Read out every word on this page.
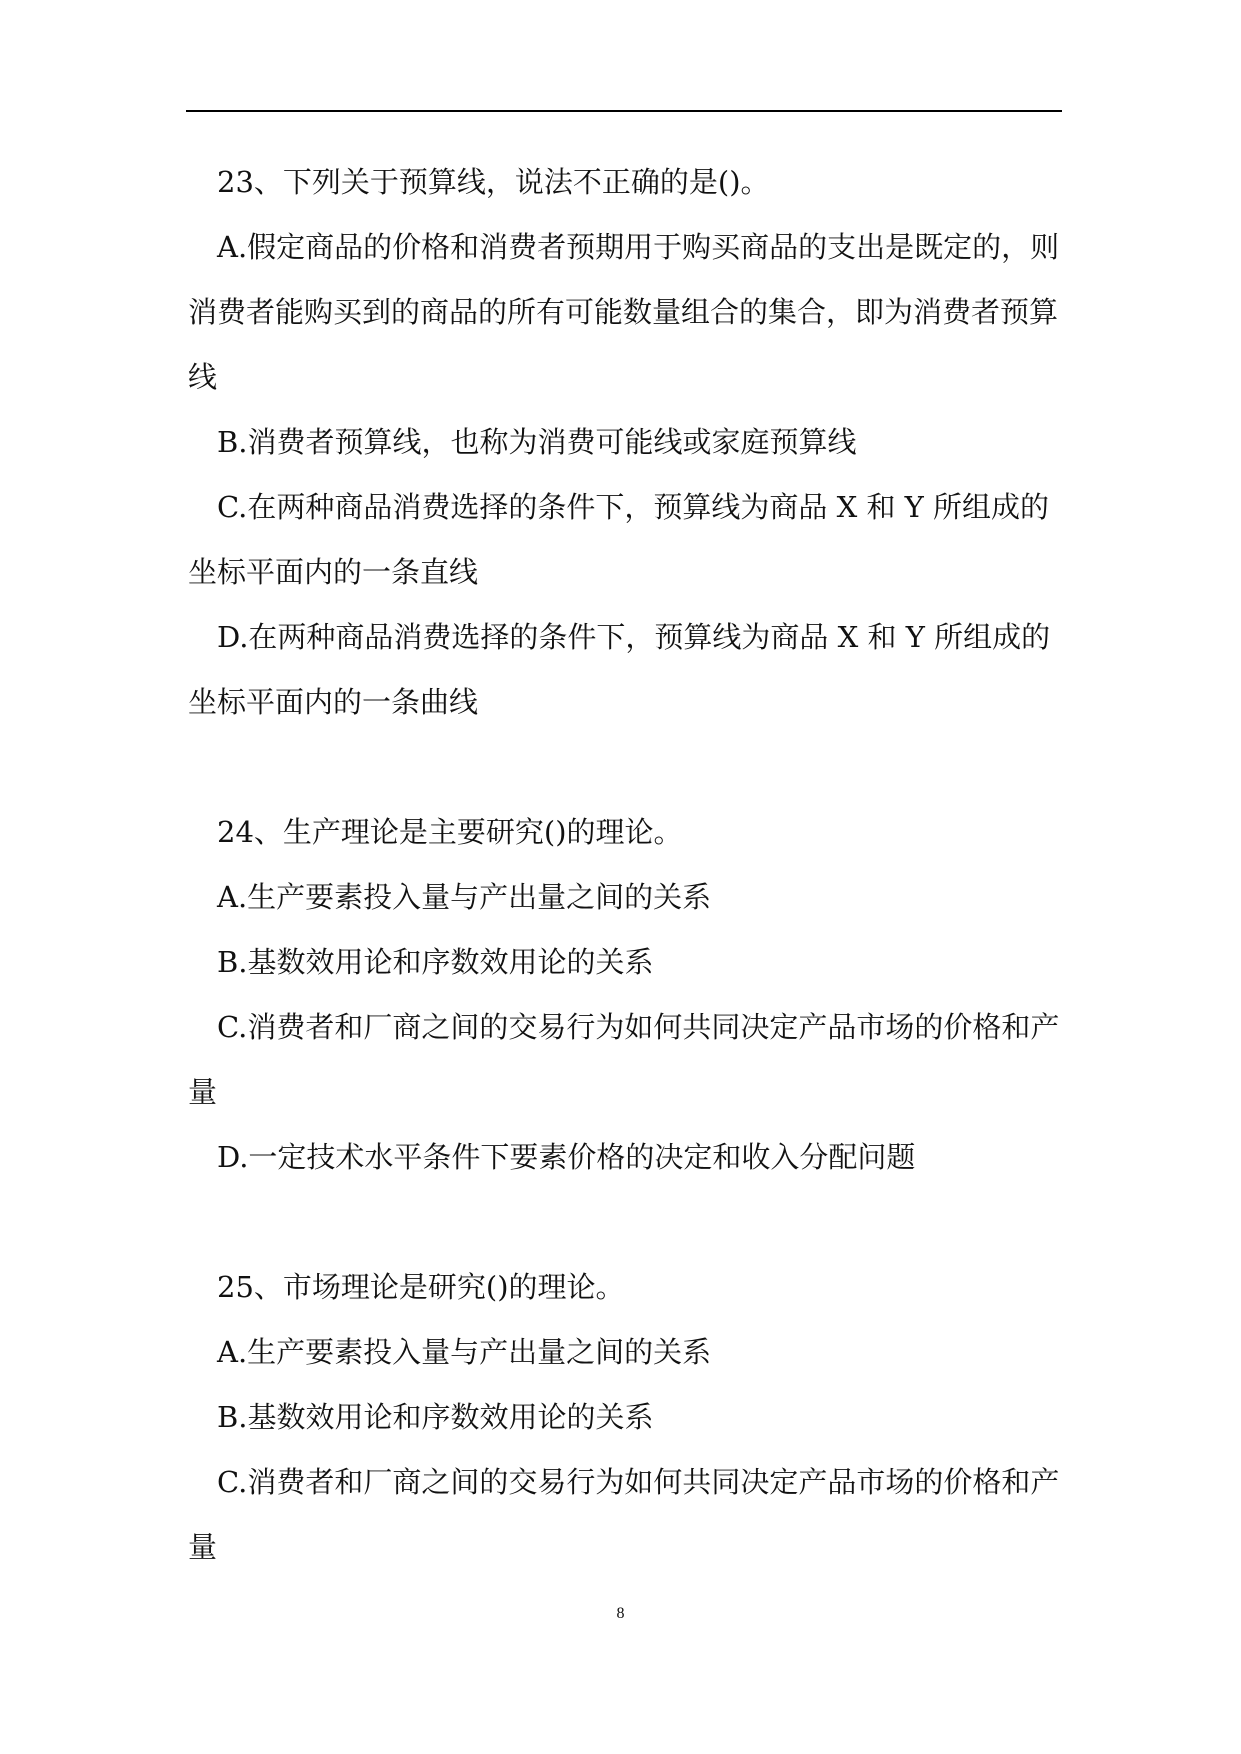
23、下列关于预算线，说法不正确的是()。

A.假定商品的价格和消费者预期用于购买商品的支出是既定的，则消费者能购买到的商品的所有可能数量组合的集合，即为消费者预算线

B.消费者预算线，也称为消费可能线或家庭预算线

C.在两种商品消费选择的条件下，预算线为商品 X 和 Y 所组成的坐标平面内的一条直线

D.在两种商品消费选择的条件下，预算线为商品 X 和 Y 所组成的坐标平面内的一条曲线

24、生产理论是主要研究()的理论。

A.生产要素投入量与产出量之间的关系

B.基数效用论和序数效用论的关系

C.消费者和厂商之间的交易行为如何共同决定产品市场的价格和产量

D.一定技术水平条件下要素价格的决定和收入分配问题

25、市场理论是研究()的理论。

A.生产要素投入量与产出量之间的关系

B.基数效用论和序数效用论的关系

C.消费者和厂商之间的交易行为如何共同决定产品市场的价格和产量

8
